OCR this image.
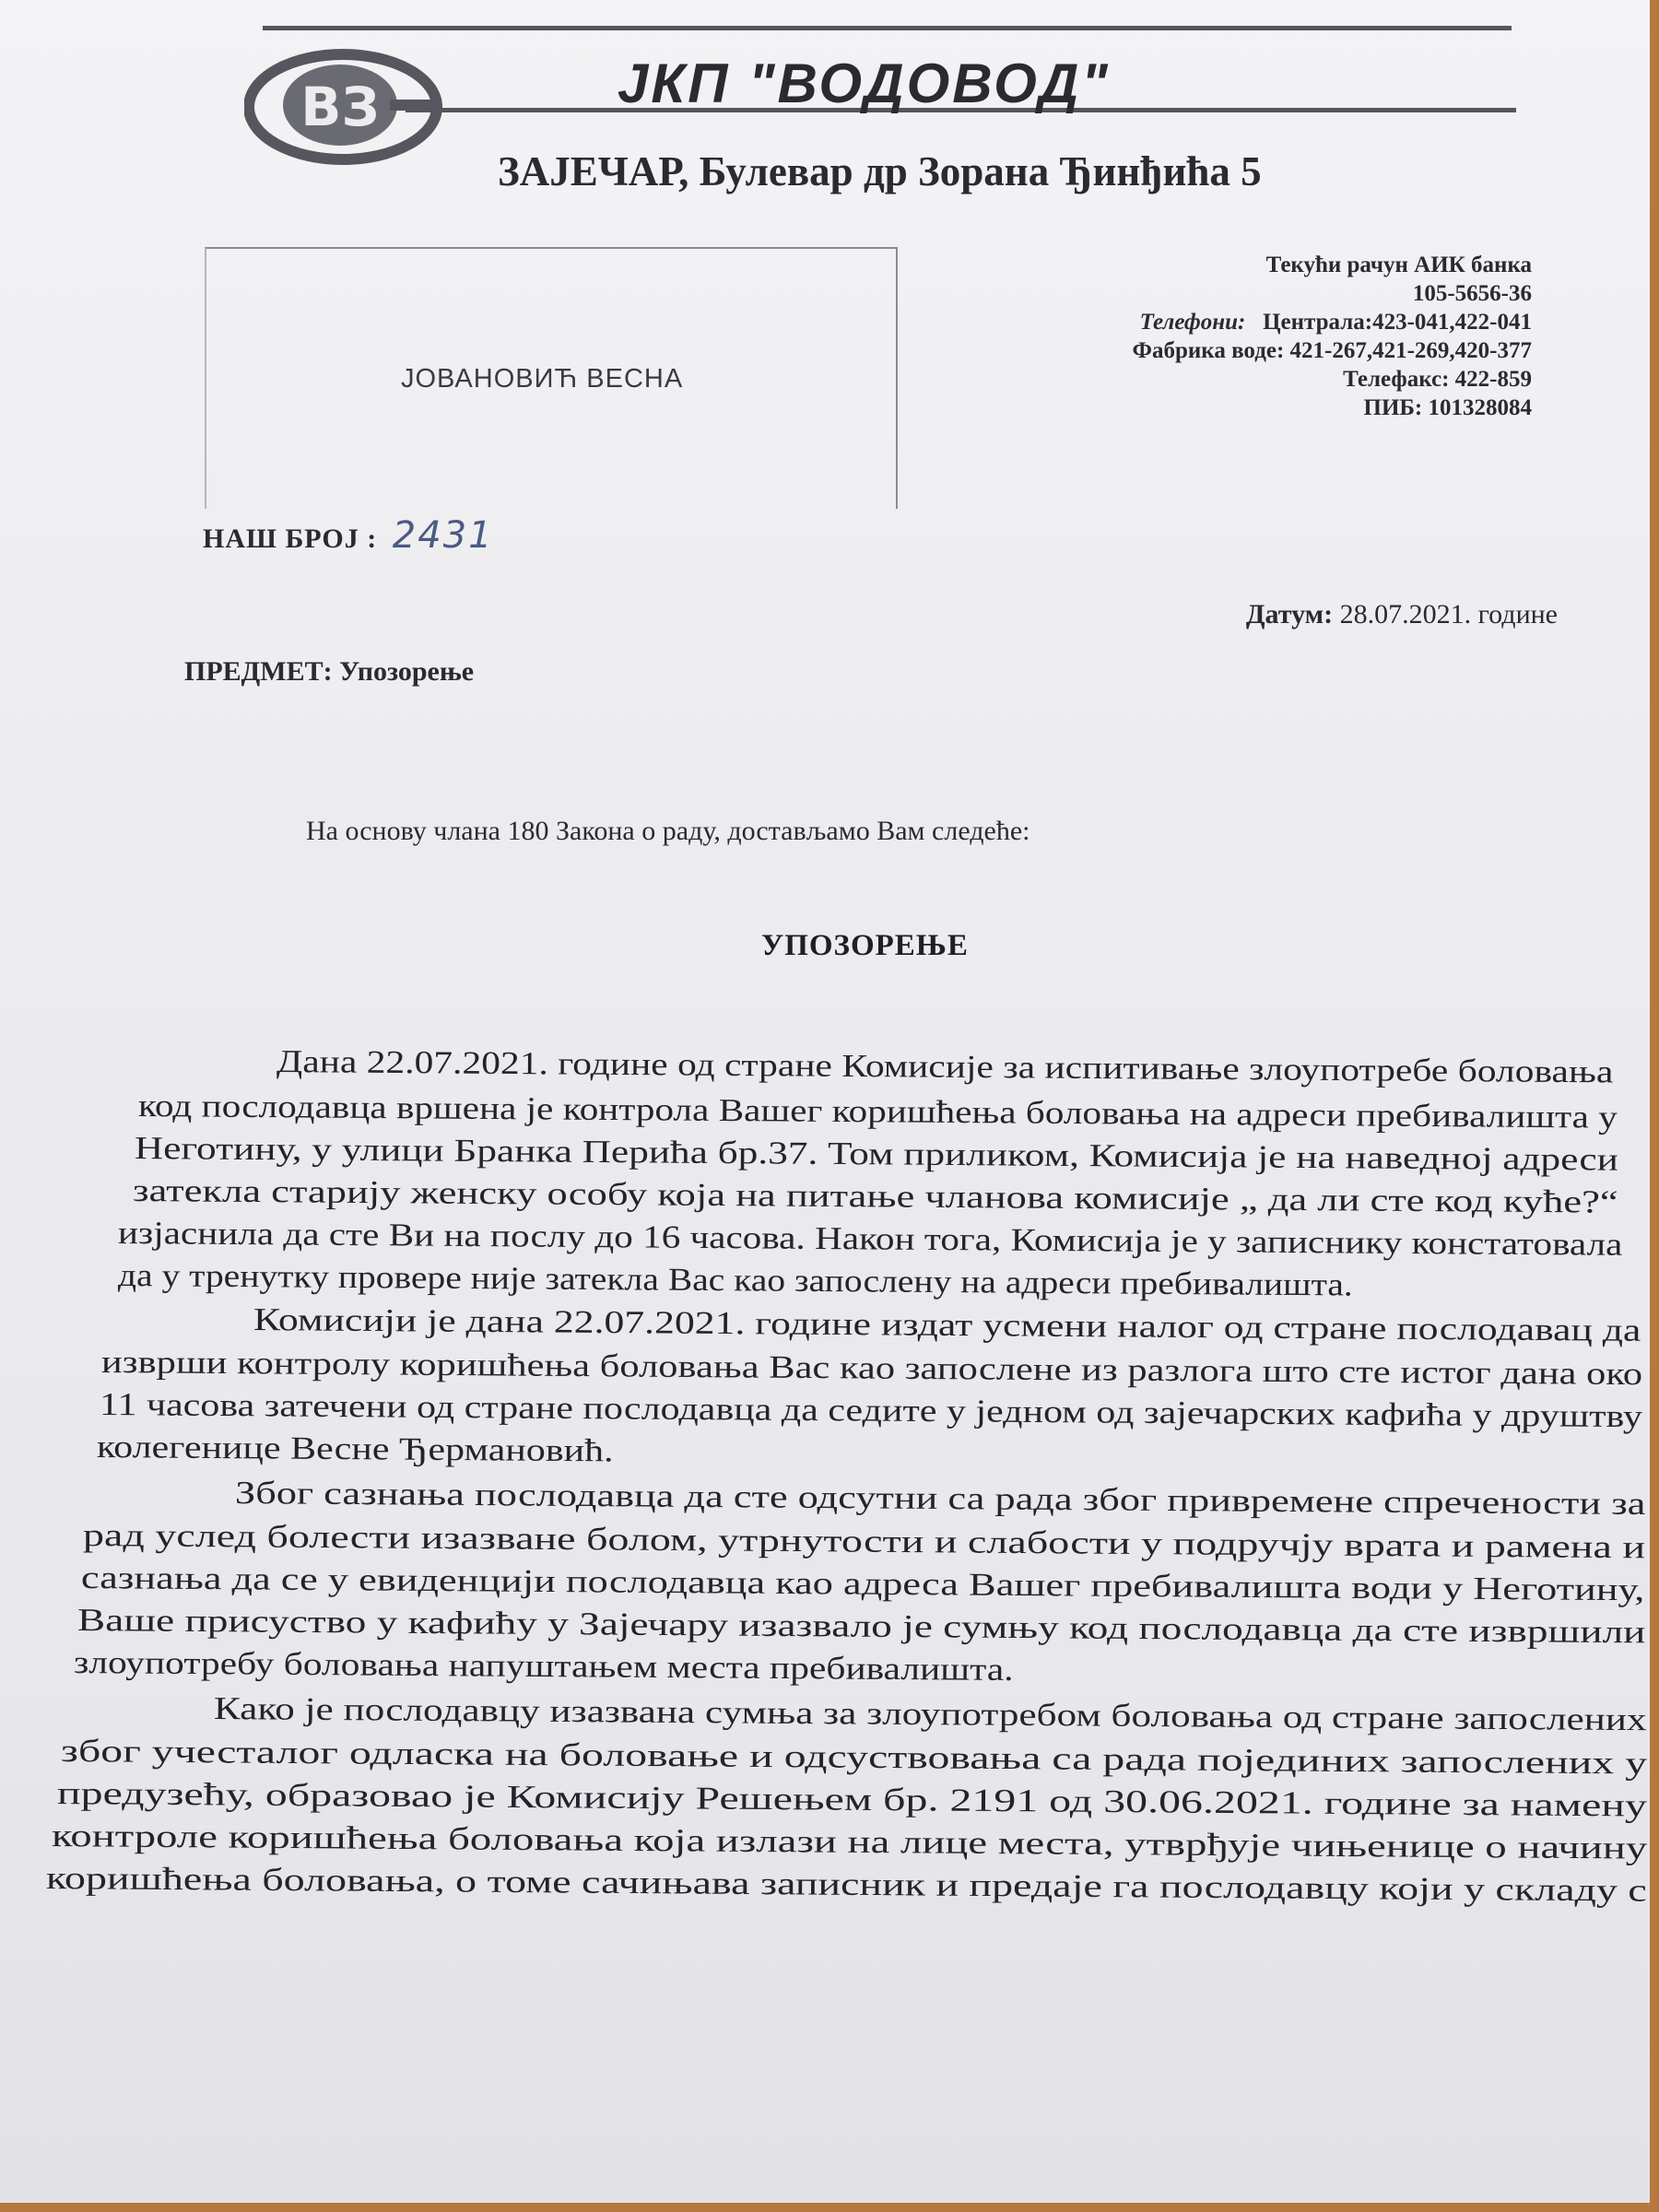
ВЗ	ЈКП "ВОДОВОД"
ЗАЈЕЧАР, Булевар др Зорана Ђинђића 5
ЈОВАНОВИЋ ВЕСНА
Текући рачун АИК банка
105-5656-36
Телефони: Централа:423-041,422-041
Фабрика воде: 421-267,421-269,420-377
Телефакс: 422-859
ПИБ: 101328084
НАШ БРОЈ : 2431
Датум: 28.07.2021. године
ПРЕДМЕТ: Упозорење
На основу члана 180 Закона о раду, достављамо Вам следеће:
УПОЗОРЕЊЕ
Дана 22.07.2021. године од стране Комисије за испитивање злоупотребе боловања
код послодавца вршена је контрола Вашег коришћења боловања на адреси пребивалишта у
Неготину, у улици Бранка Перића бр.37. Том приликом, Комисија је на наведној адреси
затекла старију женску особу која на питање чланова комисије „ да ли сте код куће?“
изјаснила да сте Ви на послу до 16 часова. Након тога, Комисија је у записнику констатовала
да у тренутку провере није затекла Вас као запослену на адреси пребивалишта.
Комисији је дана 22.07.2021. године издат усмени налог од стране послодавац да
изврши контролу коришћења боловања Вас као запослене из разлога што сте истог дана око
11 часова затечени од стране послодавца да седите у једном од зајечарских кафића у друштву
колегенице Весне Ђермановић.
Због сазнања послодавца да сте одсутни са рада због привремене спречености за
рад услед болести изазване болом, утрнутости и слабости у подручју врата и рамена и
сазнања да се у евиденцији послодавца као адреса Вашег пребивалишта води у Неготину,
Ваше присуство у кафићу у Зајечару изазвало је сумњу код послодавца да сте извршили
злоупотребу боловања напуштањем места пребивалишта.
Како је послодавцу изазвана сумња за злоупотребом боловања од стране запослених
због учесталог одласка на боловање и одсуствовања са рада појединих запослених у
предузећу, образовао је Комисију Решењем бр. 2191 од 30.06.2021. године за намену
контроле коришћења боловања која излази на лице места, утврђује чињенице о начину
коришћења боловања, о томе сачињава записник и предаје га послодавцу који у складу с
